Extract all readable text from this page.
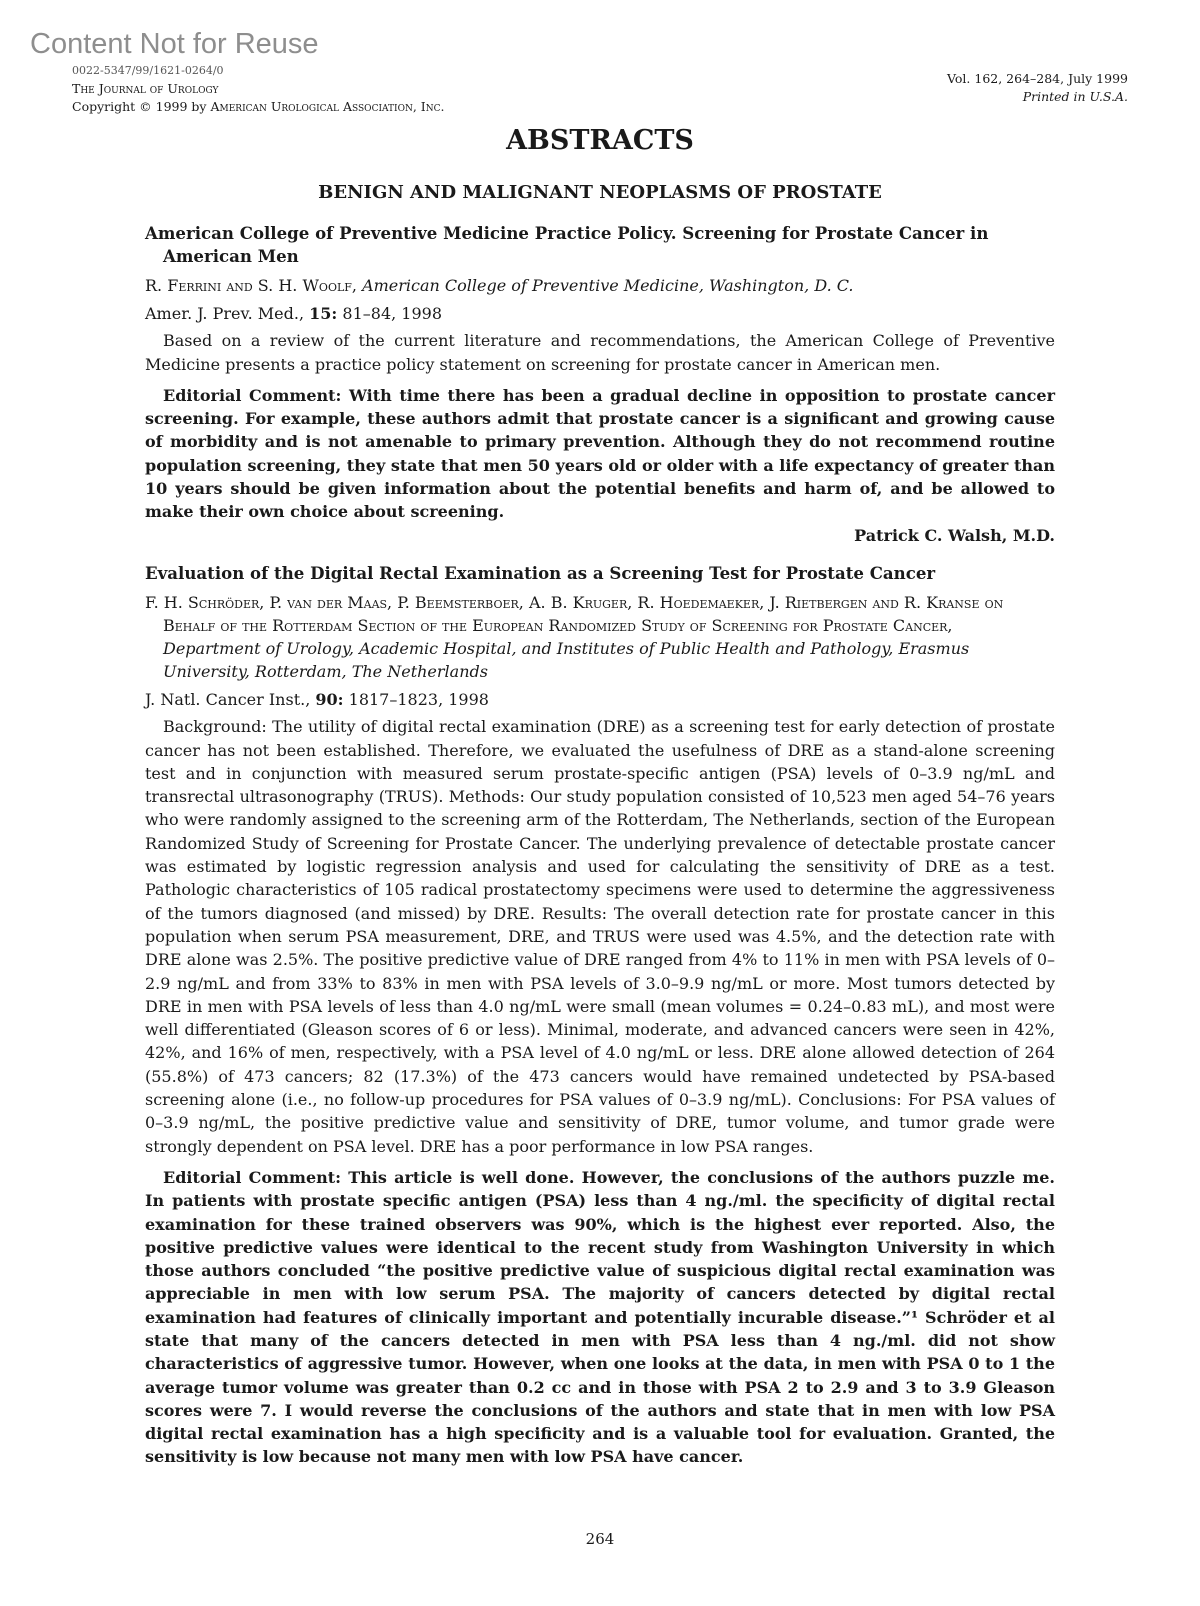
Content Not for Reuse
0022-5347/99/1621-0264/0
The Journal of Urology
Copyright © 1999 by American Urological Association, Inc.
Vol. 162, 264–284, July 1999
Printed in U.S.A.
ABSTRACTS
BENIGN AND MALIGNANT NEOPLASMS OF PROSTATE

American College of Preventive Medicine Practice Policy. Screening for Prostate Cancer in American Men

R. Ferrini and S. H. Woolf, American College of Preventive Medicine, Washington, D. C.

Amer. J. Prev. Med., 15: 81–84, 1998

Based on a review of the current literature and recommendations, the American College of Preventive Medicine presents a practice policy statement on screening for prostate cancer in American men.

Editorial Comment: With time there has been a gradual decline in opposition to prostate cancer screening. For example, these authors admit that prostate cancer is a significant and growing cause of morbidity and is not amenable to primary prevention. Although they do not recommend routine population screening, they state that men 50 years old or older with a life expectancy of greater than 10 years should be given information about the potential benefits and harm of, and be allowed to make their own choice about screening.

Patrick C. Walsh, M.D.

Evaluation of the Digital Rectal Examination as a Screening Test for Prostate Cancer

F. H. Schröder, P. van der Maas, P. Beemsterboer, A. B. Kruger, R. Hoedemaeker, J. Rietbergen and R. Kranse on Behalf of the Rotterdam Section of the European Randomized Study of Screening for Prostate Cancer, Department of Urology, Academic Hospital, and Institutes of Public Health and Pathology, Erasmus University, Rotterdam, The Netherlands

J. Natl. Cancer Inst., 90: 1817–1823, 1998

Background: The utility of digital rectal examination (DRE) as a screening test for early detection of prostate cancer has not been established. Therefore, we evaluated the usefulness of DRE as a stand-alone screening test and in conjunction with measured serum prostate-specific antigen (PSA) levels of 0–3.9 ng/mL and transrectal ultrasonography (TRUS). Methods: Our study population consisted of 10,523 men aged 54–76 years who were randomly assigned to the screening arm of the Rotterdam, The Netherlands, section of the European Randomized Study of Screening for Prostate Cancer. The underlying prevalence of detectable prostate cancer was estimated by logistic regression analysis and used for calculating the sensitivity of DRE as a test. Pathologic characteristics of 105 radical prostatectomy specimens were used to determine the aggressiveness of the tumors diagnosed (and missed) by DRE. Results: The overall detection rate for prostate cancer in this population when serum PSA measurement, DRE, and TRUS were used was 4.5%, and the detection rate with DRE alone was 2.5%. The positive predictive value of DRE ranged from 4% to 11% in men with PSA levels of 0–2.9 ng/mL and from 33% to 83% in men with PSA levels of 3.0–9.9 ng/mL or more. Most tumors detected by DRE in men with PSA levels of less than 4.0 ng/mL were small (mean volumes = 0.24–0.83 mL), and most were well differentiated (Gleason scores of 6 or less). Minimal, moderate, and advanced cancers were seen in 42%, 42%, and 16% of men, respectively, with a PSA level of 4.0 ng/mL or less. DRE alone allowed detection of 264 (55.8%) of 473 cancers; 82 (17.3%) of the 473 cancers would have remained undetected by PSA-based screening alone (i.e., no follow-up procedures for PSA values of 0–3.9 ng/mL). Conclusions: For PSA values of 0–3.9 ng/mL, the positive predictive value and sensitivity of DRE, tumor volume, and tumor grade were strongly dependent on PSA level. DRE has a poor performance in low PSA ranges.

Editorial Comment: This article is well done. However, the conclusions of the authors puzzle me. In patients with prostate specific antigen (PSA) less than 4 ng./ml. the specificity of digital rectal examination for these trained observers was 90%, which is the highest ever reported. Also, the positive predictive values were identical to the recent study from Washington University in which those authors concluded “the positive predictive value of suspicious digital rectal examination was appreciable in men with low serum PSA. The majority of cancers detected by digital rectal examination had features of clinically important and potentially incurable disease.”¹ Schröder et al state that many of the cancers detected in men with PSA less than 4 ng./ml. did not show characteristics of aggressive tumor. However, when one looks at the data, in men with PSA 0 to 1 the average tumor volume was greater than 0.2 cc and in those with PSA 2 to 2.9 and 3 to 3.9 Gleason scores were 7. I would reverse the conclusions of the authors and state that in men with low PSA digital rectal examination has a high specificity and is a valuable tool for evaluation. Granted, the sensitivity is low because not many men with low PSA have cancer.

264
